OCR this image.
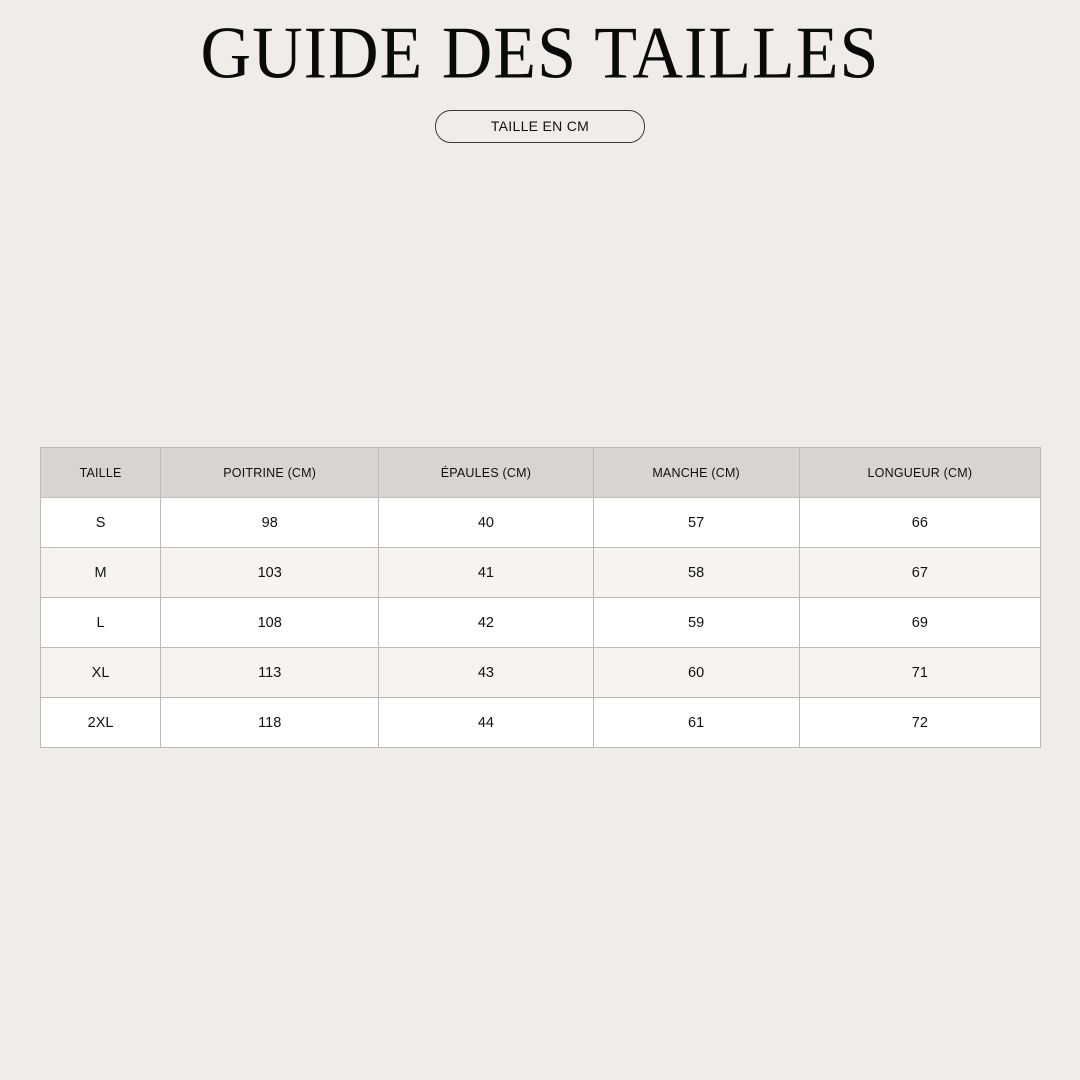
GUIDE DES TAILLES
TAILLE EN CM
TAILLE	POITRINE (CM)	ÉPAULES (CM)	MANCHE (CM)	LONGUEUR (CM)
S	98	40	57	66
M	103	41	58	67
L	108	42	59	69
XL	113	43	60	71
2XL	118	44	61	72
